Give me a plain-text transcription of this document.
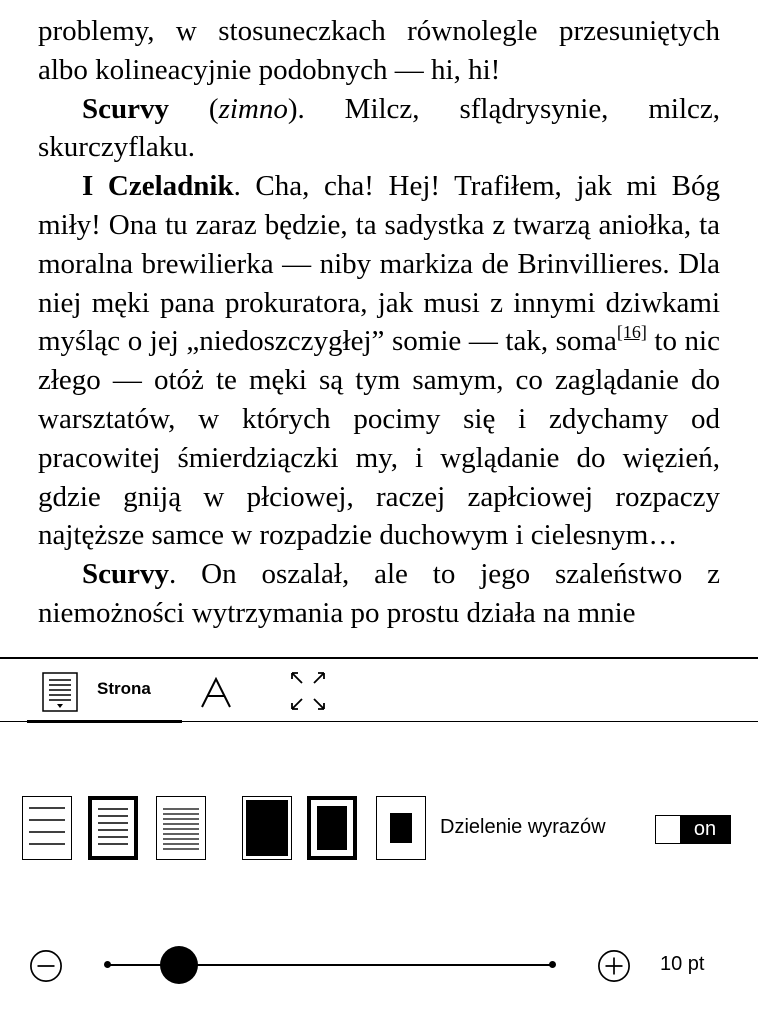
problemy, w stosuneczkach równolegle przesuniętych albo kolineacyjnie podobnych — hi, hi!

Scurvy (zimno). Milcz, sflądrysynie, milcz, skurczyflaku.

I Czeladnik. Cha, cha! Hej! Trafiłem, jak mi Bóg miły! Ona tu zaraz będzie, ta sadystka z twarzą aniołka, ta moralna brewilierka — niby markiza de Brinvillieres. Dla niej męki pana prokuratora, jak musi z innymi dziwkami myśląc o jej „niedoszczygłej” somie — tak, soma[16] to nic złego — otóż te męki są tym samym, co zaglądanie do warsztatów, w których pocimy się i zdychamy od pracowitej śmierdziączki my, i wglądanie do więzień, gdzie gniją w płciowej, raczej zapłciowej rozpaczy najtęższe samce w rozpadzie duchowym i cielesnym…

Scurvy. On oszalał, ale to jego szaleństwo z niemożności wytrzymania po prostu działa na mnie

Strona
Dzielenie wyrazów	on
10 pt
